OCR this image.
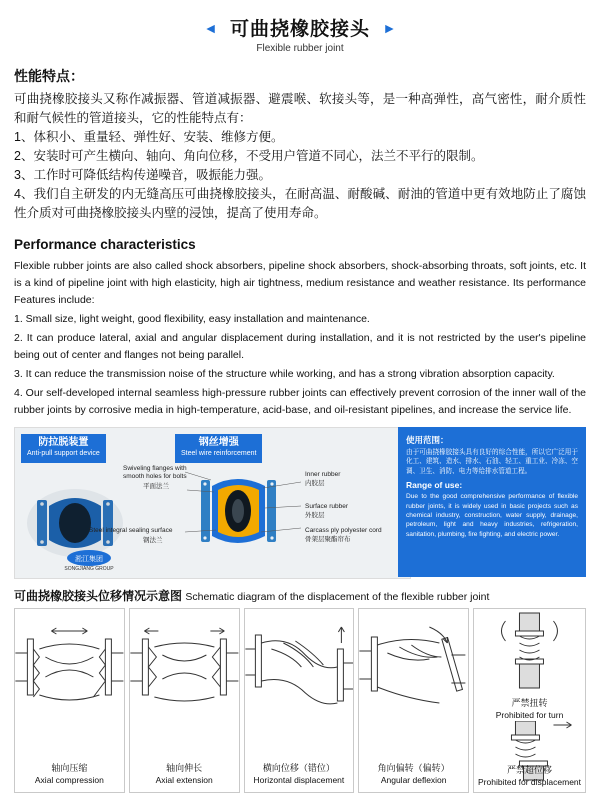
◄ 可曲挠橡胶接头 ►
Flexible rubber joint
性能特点：

可曲挠橡胶接头又称作减振器、管道减振器、避震喉、软接头等，是一种高弹性，高气密性，耐介质性和耐气候性的管道接头，它的性能特点有：

1、体积小、重量轻、弹性好、安装、维修方便。

2、安装时可产生横向、轴向、角向位移，不受用户管道不同心，法兰不平行的限制。

3、工作时可降低结构传递噪音，吸振能力强。

4、我们自主研发的内无缝高压可曲挠橡胶接头，在耐高温、耐酸碱、耐油的管道中更有效地防止了腐蚀性介质对可曲挠橡胶接头内壁的浸蚀，提高了使用寿命。

Performance characteristics

Flexible rubber joints are also called shock absorbers, pipeline shock absorbers, shock-absorbing throats, soft joints, etc. It is a kind of pipeline joint with high elasticity, high air tightness, medium resistance and weather resistance. Its performance Features include:

1. Small size, light weight, good flexibility, easy installation and maintenance.

2. It can produce lateral, axial and angular displacement during installation, and it is not restricted by the user's pipeline being out of center and flanges not being parallel.

3. It can reduce the transmission noise of the structure while working, and has a strong vibration absorption capacity.

4. Our self-developed internal seamless high-pressure rubber joints can effectively prevent corrosion of the inner wall of the rubber joints by corrosive media in high-temperature, acid-base, and oil-resistant pipelines, and increase the service life.

防拉脱装置
Anti-pull support device
钢丝增强
Steel wire reinforcement
Swiveling flanges with
smooth holes for bolts
平面法兰
Steel integral sealing surface
钢法兰
Inner rubber
内胶层
Surface rubber
外胶层
Carcass ply polyester cord
骨架层聚酯帘布
淞江集团
SONGJIANG GROUP
使用范围：

由于可曲挠橡胶接头具有良好的综合性能，所以它广泛用于化工、建筑、造水、排水、石油、轻工、重工业、冷冻、空调、卫生、消防、电力等给排水管道工程。

Range of use:

Due to the good comprehensive performance of flexible rubber joints, it is widely used in basic projects such as chemical industry, construction, water supply, drainage, petroleum, light and heavy industries, refrigeration, sanitation, plumbing, fire fighting, and electric power.

可曲挠橡胶接头位移情况示意图 Schematic diagram of the displacement of the flexible rubber joint
轴向压缩
Axial compression
轴向伸长
Axial extension
横向位移（错位）
Horizontal displacement
角向偏转（偏转）
Angular deflexion
严禁扭转
Prohibited for turn
严禁超位移
Prohibited for displacement
